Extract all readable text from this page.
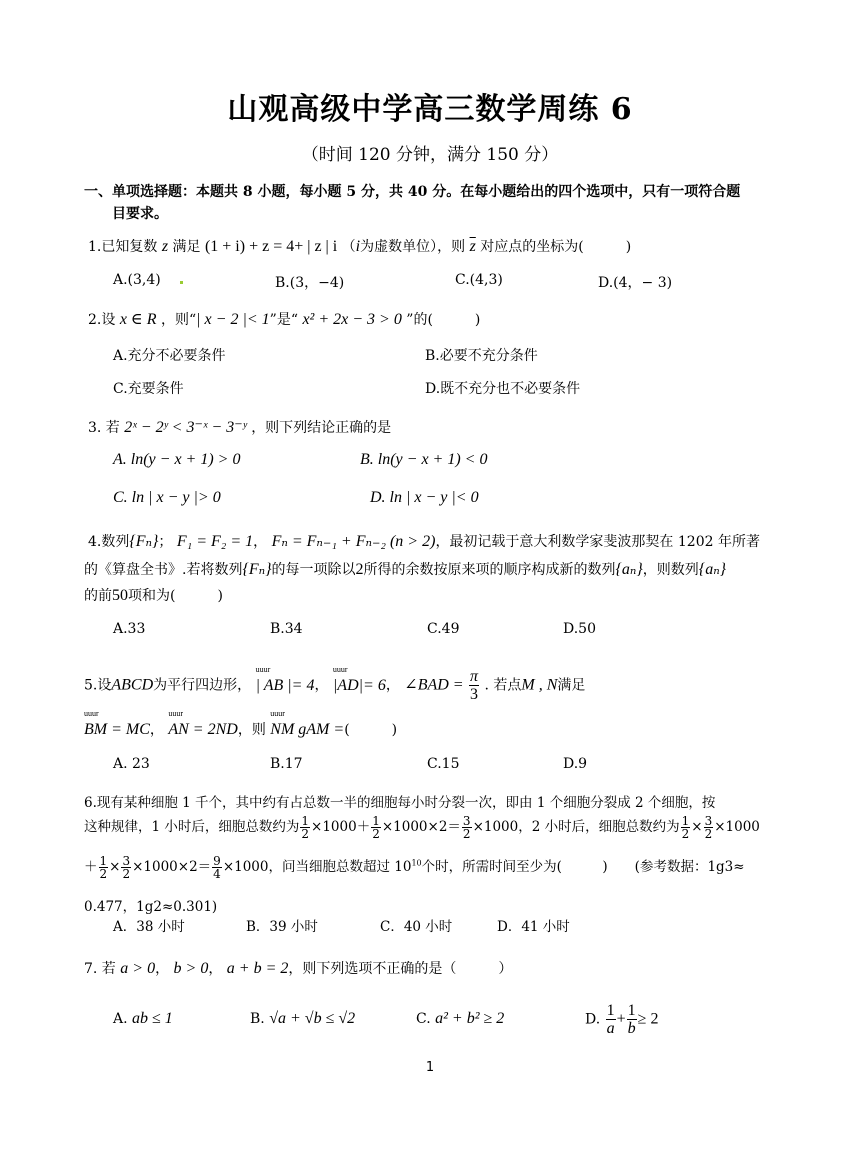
山观高级中学高三数学周练 6
（时间 120 分钟，满分 150 分）
一、单项选择题：本题共 8 小题，每小题 5 分，共 40 分。在每小题给出的四个选项中，只有一项符合题
目要求。
1.已知复数 z 满足 (1 + i) + z = 4+ | z | i （i为虚数单位），则 $\overline{z}$ 对应点的坐标为(　　　)
A.(3,4)	B.(3，−4)	C.(4,3)	D.(4，− 3)
2.设 x ∈ R ，则“| x − 2 |< 1”是“ x² + 2x − 3 > 0 ”的(　　　)
A.充分不必要条件	B.必要不充分条件
C.充要条件	D.既不充分也不必要条件
3. 若 2ˣ − 2ʸ < 3⁻ˣ − 3⁻ʸ ，则下列结论正确的是
A. ln(y − x + 1) > 0	B. ln(y − x + 1) < 0
C. ln | x − y |> 0	D. ln | x − y |< 0
4.数列{Fₙ}； F₁ = F₂ = 1， Fₙ = Fₙ₋₁ + Fₙ₋₂ (n > 2)，最初记载于意大利数学家斐波那契在 1202 年所著
的《算盘全书》.若将数列{Fₙ}的每一项除以2所得的余数按原来项的顺序构成新的数列{aₙ}，则数列{aₙ}
的前50项和为(　　　)
A.33	B.34	C.49	D.50
5.设ABCD为平行四边形，
uuur
| AB |= 4，
uuur
|AD|= 6， ∠BAD = $\frac{\pi}{3}$ . 若点M , N满足
uuur
BM = MC，
uuur
AN = 2ND，则
uuur
NM gAM =(　　　)
A. 23	B.17	C.15	D.9
6.现有某种细胞 1 千个，其中约有占总数一半的细胞每小时分裂一次，即由 1 个细胞分裂成 2 个细胞，按
这种规律，1 小时后，细胞总数约为 $\frac{1}{2} \times 1000+ \frac{1}{2} \times 1000\times 2= \frac{3}{2} \times 1000$，2 小时后，细胞总数约为 $\frac{1}{2} \times \frac{3}{2} \times 1000$
＋ $\frac{1}{2} \times \frac{3}{2} \times 1000\times 2= \frac{9}{4} \times 1000$，问当细胞总数超过 $10^{10}$个时，所需时间至少为(　　　)　　(参考数据：1g3≈
0.477，1g2≈0.301)
A．38 小时	B．39 小时	C．40 小时	D．41 小时
7. 若 a > 0， b > 0， a + b = 2，则下列选项不正确的是（　　　）
A. ab ≤ 1	B. √a + √b ≤ √2	C. a² + b² ≥ 2	D. $\frac{1}{a} + \frac{1}{b} \ge 2$
1
